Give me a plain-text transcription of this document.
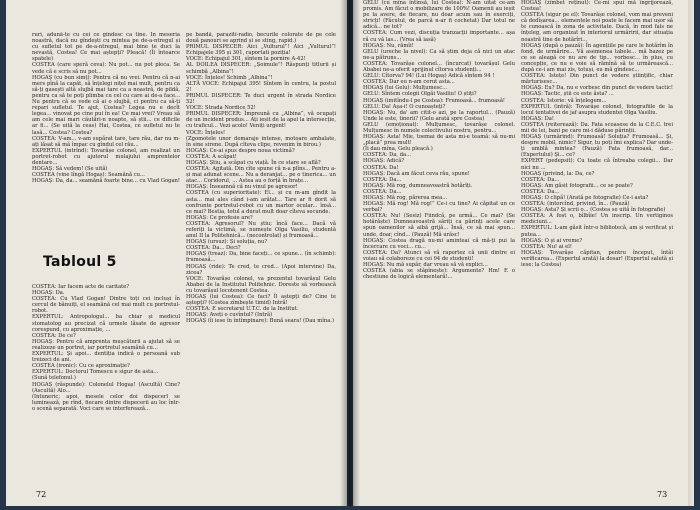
ruri, adună-te cu cei ce gîndesc ca tine. În meseria noastră, dacă nu gîndești cu mintea pe de-a-ntregul și cu sufletul tot pe de-a-ntregul, mai bine te duci la nevastă, Costea! Ce mai aștepți? Pleacă! (Îi întoarce spatele)

COSTEA (care speră ceva): Nu pot... nu pot pleca. Se vede că e scris să nu pot...

HOGAȘ (cu bun simț): Pentru că nu vrei. Pentru că n-ai mers pînă la capăt, să înțelegi nițel mai mult, pentru ca să-ți gasești altă slujbă mai tare ca a noastră, de pildă, pentru ca să te poți plimba cu cel cu care ai de-a face... Nu pentru că se vede că ai o slujbă, ci pentru ca să-ți repari sufletul. Te ajut, Costea? Legea nu e decît legea... vinovat pe cine pui în ea! Ce mai vrei? Vreau să am cele mai mari căutări-n noapte, să știi... ce dificile ar fi... (Se uită la ceas) Hai, Costea, ce sufletul nu te lasă... Costea? Costea?

COSTEA: V-am... v-am supărat tare, tare rău, dar nu m-ați lăsat să mă împac cu gîndul cel rău...

EXPERTUL (intrînd): Tovarășe colonel, am realizat un portret-robot cu ajutorul mulajului amprentelor dentare...

HOGAȘ: Să vedem! (Se uită)

COSTEA (vine lîngă Hogaș): Seamănă cu...

HOGAȘ: Da, da... seamănă foarte bine... cu Vlad Gogan!

Tabloul 5

COSTEA: Iar facem acte de caritate?

HOGAȘ: Da.

COSTEA: Cu Vlad Gogan! Dintre toți cei incluși în cercul de bănuiți, el seamănă cel mai mult cu portretul-robot.

EXPERTUL: Antropologul... ba chiar și medicul stomatolog au precizat că urmele lăsate de agresor corespund, cu aproximație, ...

COSTEA: De ce?

HOGAȘ: Pentru că amprenta mușcăturii a ajutat să se realizeze un portret, iar portretul seamănă cu...

EXPERTUL: Și apoi... dentiția indică o persoană sub treizeci de ani.

COSTEA (ironic): Cu ce aproximație?

EXPERTUL: Doctorul Tomescu e sigur de asta...

(Sună telefonul.)

HOGAȘ (răspunde): Colonelul Hogaș! (Ascultă) Cine? (Ascultă) Alo...

(Intuneric; apoi, mesele celor doi dispecerl se luminează, pe rînd, fiecare dintre dispecerii au loc într-o scenă separată. Voci care se interferează...

pe bandă, parazitî-radio, becurile colorate de pe cele două panouri se aprind și se sting, rapid.)

PRIMUL DISPECER: Aici „Vulturul”! Aici „Vulturul”! Echipajele 395 și 301, raportati poziția!

VOCE: Echipajul 301, sîntem la pornire A-42!

AL DOILEA DISPECER: „Șoimule”! Răspunți titlurii și schimbă „Albina”!

VOCE: Înțeles! Schimb „Albina”!

ALTĂ VOCE: Echipajul 395! Sîntem în centru, la postul 2!

PRIMUL DISPECER: Te duci urgent în strada Nordice 52!

VOCE: Strada Nordice 52!

PRIMUL DISPECER: Împreună cu „Albina”, vă ocupați de un incident produs... Ați ieșit de la apel la intersecție, cu traficul... Vezi acolo! Veniți urgent!

VOCE: Înțeles!

(Zgomotele unor demaraje intense, motoare ambalate, în sine sirene. După cîteva clipe, revenim în birou.)

HOGAȘ: Ce-ai spus despre noua victimă?

COSTEA: A scăpat!

HOGAȘ: Știu, a scăpat cu viață. În ce stare se află?

COSTEA: Agitată. Din cîte spune că n-a plîns... Pentru a-și mai adunat scene... Nu a deranjat... pe o tinerica... un atac... Coridorul, ... Astea au o forță în brațe...

HOGAȘ: Înseamnă că nu vinul pe agresor!

COSTEA (cu superioritate): El... și cu m-am gîndit la asta... mai ales când i-am arătat... Tare ar fi dorit să confrunte portretul-robot cu un martor ocular... însă... ce mai? Bestia, totul a durat mult doar cîteva secunde.

HOGAȘ: Ce profesie are?

COSTEA: Agresorul? Nu știu; încă face... Dacă vă referiți la victimă, se numește Olga Vasiliu, studentă anul II la Politehnică... (necontrolat) și frumoasă...

HOGAȘ (ursuz): Și soluția, nu?

COSTEA: Da... Deci?

HOGAȘ (treaz): Da, bine faceți... ce spune... (în schimb): frumoasă...

HOGAȘ (ride): Te cred, te cred... (Apoi intervine) Da, zicea?

VOCE: Tovarășe colonel, va prezentul tovarășul Gelu Ababei de la Institutul Politehnic. Doreste să vorbească cu tovarășul locotenent Costea.

HOGAȘ (lui Costea): Ce faci? Îl aștepți de? Cine te aștepți? (Costea zîmbește timid) Intră!

COSTEA: E secretarul U.T.C. de la Institut.

HOGAȘ: Aveți o cuvîntul? (Intră)

HOGAȘ (îi iese în întîmpinare): Bună seara! (Dau mîna.)

72

GELU (cu mîna întinsă, lui Costea): N-am uitat ce-am promis. Am făcut o mobilizare de 100%! Oamenii au ieșit pe la avere, de fiecare, nu doar acum sau în exerciți, stricți! (Făcutul, de parcă n-ar fi cochetat) Dar totul ne adică... ne tot?

COSTEA: Cum vezi, discuția tranzacții importante... așa ră cu vă las... (Vrea să iasă)

HOGAȘ: Nu, rămîi!

GELU (ureche la nivel): Ca să știm deja că nici un atac ne-a pătruns...

COSTEA: Tovarășe colonel... (încurcat) tovarășul Gelu Ababei ne-a oferit sprijinul cîtorva studenți...

GELU: Cîtorva? 94! (Lui Hogaș) Adică sîntem 94 !

COSTEA: Dar eu n-am cerut asta...

HOGAȘ (lui Gelu): Mulțumesc...

GELU: Sîntem colegii Olgăi Vasiliu! O știți?

HOGAȘ (imitîndu-l pe Costea): Frumoasă... frumoasă!

GELU: Da! Așa-i! O cunoașteți?

HOGAȘ: Nu, da' am citit-o azi, pe la raportul... (Pauză) Unde le este, tinerii? (Gelu arată spre Costea)

GELU (emoționat): Mulțumesc, tovarășe colonel. Mulțumesc în numele colectivului nostru, pentru...

HOGAȘ: Asta! Mie, toemai de asta mi-e teamă: să nu-mi „placă” prea mult!

(Îi dau mîna, Gelu pleacă.)

COSTEA: Da, da...

HOGAȘ: Adică?

COSTEA: Da!

HOGAȘ: Dacă am făcut ceva rău, spune!

COSTEA: Da...

HOGAȘ: Mă rog, dumneavoastră hotărîți.

COSTEA: Da...

HOGAȘ: Mă rog, părerea mea...

HOGAȘ: Mă rog! Mă rog!” Ce-i cu tine? Ai căpitat un ce verbal?

COSTEA: Nu! (Sesiz) Fiindcă, pe urmă... Ce mai? (Se hotărăște) Dumneavoastră săriți ca părinți acele care spun oamenilor să aibă grijă... Însă, ce să mai spun... unde, doar, cînd... (Pauză) Mă urăsc!

HOGAȘ: Costea dragă nu-mi aminteai că mă-ți pui la încercare cu voci... cu...

COSTEA: Da? Atunci să vă raportez că unii dintre ei voiau să colaboreze cu cei 94 de studenti!

HOGAȘ: Nu mă supăr, dar vreau să vă explici...

COSTEA (abia se stăpînește): Argumente? Hm! E o chestiune de logică elementară!...

HOGAȘ (zîmbet rețînut): Ce-mi spui mă îngrijorează, Costea!

COSTEA (sigur pe el): Tovarășe colonel, vom mai preveni că dedîșarea... elementele noi poate le facem mai ușor să te cunoască în zona de activitate. Dacă, în mod fals ne înțeleg, am organizat în interiorul urmăririi, dar situația noastră tine de hotărîri...

HOGAȘ (după o pauză): În agențiile pe care le hotărîm în fond, de urmărire... Vă asemenea tabele... mă bazez pe ce se aleagă ce nu are de tip... vorbesc... în plus, cu concepție, ce nu e voie să rămînă să te urmărească... după ce-i am mai zis, totuși, eu mă gîndesc...

COSTEA: Istețe! Din punct de vedere științific, chiar mărturisesc...

HOGAȘ: Eu? Da, nu e vorbesc din punct de vedere tactic!

HOGAȘ: Tactic, știi ce este ăsta? ...

COSTEA: Istorie: vă înțelegem...

EXPERTUL (intră): Tovarășe colonel, fotografiile de la locul tentativei de jaf asupra studentei Olga Vasiliu.

HOGAȘ: Da!

COSTEA (reiterează): Da. Fata scoasese de la C.E.C. trei mii de lei, bani pe care mi-i dăduse părinții.

HOGAȘ (urmărind): Frumoasă! Soluția? Frumoasă... Și, despre mobil, nimic? Sigur, tu poți îmi explica? Dar unde-ți umblă mintea? (Pauză) Fata frumoasă, dar... (Expertului) Și... ce?

EXPERT (pedepsit): Cu toate că întreaba colegii... Dar nici nu ...

HOGAȘ (privind, la: Da, ce?

COSTEA: Da...

HOGAȘ: Am găsit fotografii... ce se poate?

COSTEA: Da...

HOGAȘ: O clipă! (Arată pe fotografie) Ce-i asta?

COSTEA: (intorcînd, privind, în... (Pauză)

HOGAȘ: Asta? Și scrii o... (Costea se uită în fotografie)

COSTEA: A fost o, bîlbîie! Un inscrip. Un vertiginos mediciuni...

EXPERTUL: L-am găsit într-o bibliotecă, am și verificat și putea...

HOGAȘ: O și ai vreme?

COSTEA: Nu! ai el!

HOGAȘ: Tovarășe căpitan, pentru început, întâi verificarea... (Expertul arată) la dosar! (Expertul salută și iese; la Costea)

73
